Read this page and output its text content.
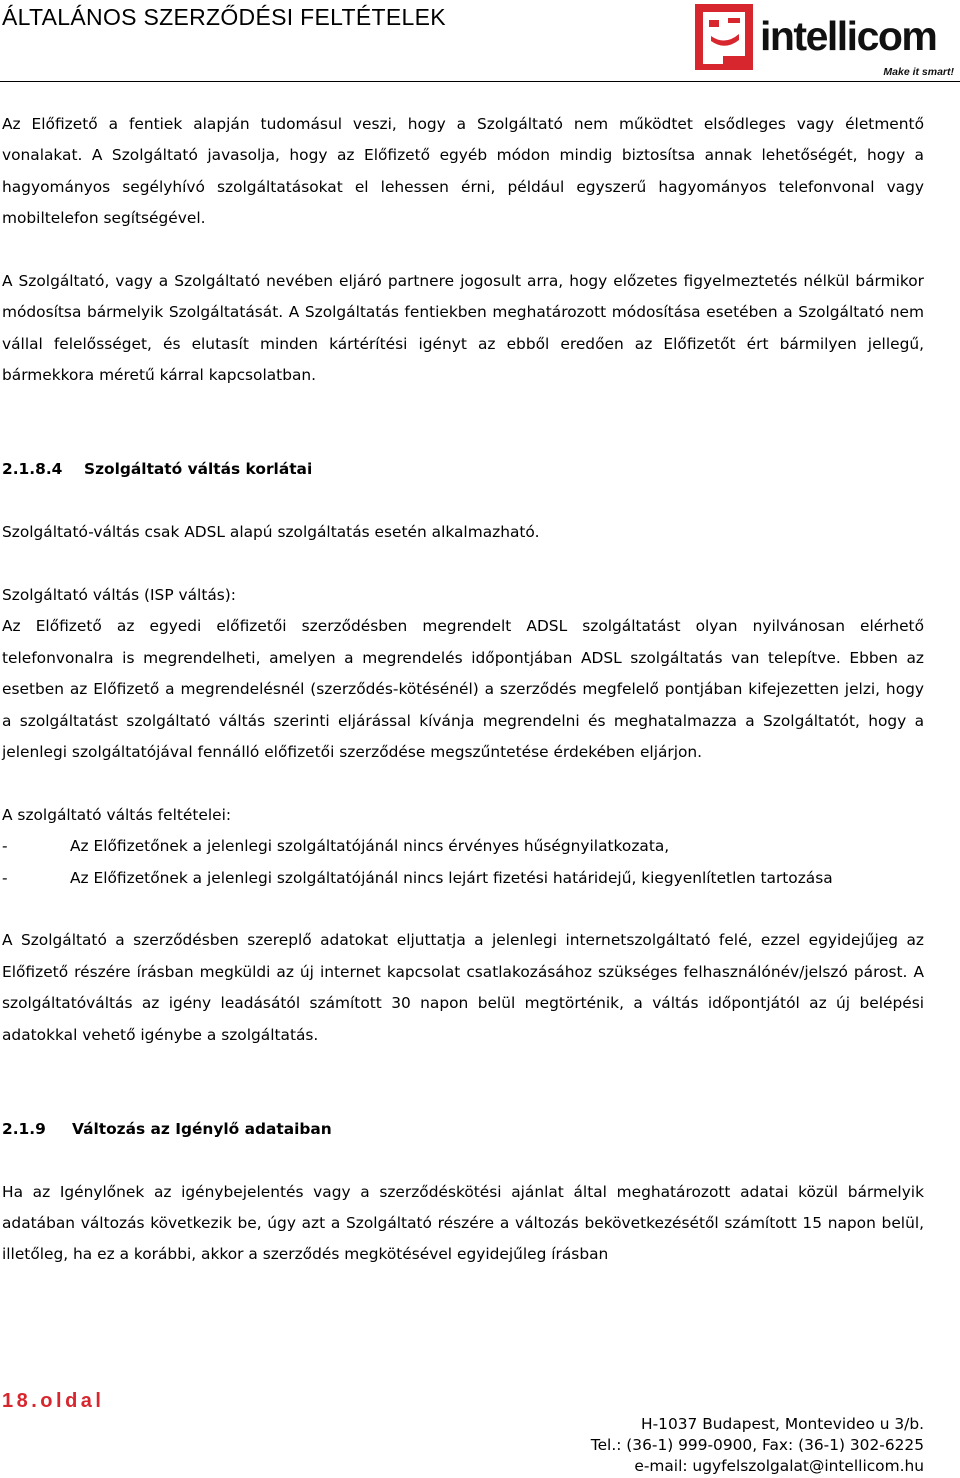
ÁLTALÁNOS SZERZŐDÉSI FELTÉTELEK	intellicom
Make it smart!

Az Előfizető a fentiek alapján tudomásul veszi, hogy a Szolgáltató nem működtet elsődleges vagy életmentő vonalakat. A Szolgáltató javasolja, hogy az Előfizető egyéb módon mindig biztosítsa annak lehetőségét, hogy a hagyományos segélyhívó szolgáltatásokat el lehessen érni, például egyszerű hagyományos telefonvonal vagy mobiltelefon segítségével.

A Szolgáltató, vagy a Szolgáltató nevében eljáró partnere jogosult arra, hogy előzetes figyelmeztetés nélkül bármikor módosítsa bármelyik Szolgáltatását. A Szolgáltatás fentiekben meghatározott módosítása esetében a Szolgáltató nem vállal felelősséget, és elutasít minden kártérítési igényt az ebből eredően az Előfizetőt ért bármilyen jellegű, bármekkora méretű kárral kapcsolatban.

2.1.8.4 Szolgáltató váltás korlátai

Szolgáltató-váltás csak ADSL alapú szolgáltatás esetén alkalmazható.

Szolgáltató váltás (ISP váltás):

Az Előfizető az egyedi előfizetői szerződésben megrendelt ADSL szolgáltatást olyan nyilvánosan elérhető telefonvonalra is megrendelheti, amelyen a megrendelés időpontjában ADSL szolgáltatás van telepítve. Ebben az esetben az Előfizető a megrendelésnél (szerződés-kötésénél) a szerződés megfelelő pontjában kifejezetten jelzi, hogy a szolgáltatást szolgáltató váltás szerinti eljárással kívánja megrendelni és meghatalmazza a Szolgáltatót, hogy a jelenlegi szolgáltatójával fennálló előfizetői szerződése megszűntetése érdekében eljárjon.

A szolgáltató váltás feltételei:

-	Az Előfizetőnek a jelenlegi szolgáltatójánál nincs érvényes hűségnyilatkozata,
-	Az Előfizetőnek a jelenlegi szolgáltatójánál nincs lejárt fizetési határidejű, kiegyenlítetlen tartozása

A Szolgáltató a szerződésben szereplő adatokat eljuttatja a jelenlegi internetszolgáltató felé, ezzel egyidejűjeg az Előfizető részére írásban megküldi az új internet kapcsolat csatlakozásához szükséges felhasználónév/jelszó párost. A szolgáltatóváltás az igény leadásától számított 30 napon belül megtörténik, a váltás időpontjától az új belépési adatokkal vehető igénybe a szolgáltatás.

2.1.9 Változás az Igénylő adataiban

Ha az Igénylőnek az igénybejelentés vagy a szerződéskötési ajánlat által meghatározott adatai közül bármelyik adatában változás következik be, úgy azt a Szolgáltató részére a változás bekövetkezésétől számított 15 napon belül, illetőleg, ha ez a korábbi, akkor a szerződés megkötésével egyidejűleg írásban

18.oldal
H-1037 Budapest, Montevideo u 3/b.
Tel.: (36-1) 999-0900, Fax: (36-1) 302-6225
e-mail: ugyfelszolgalat@intellicom.hu
